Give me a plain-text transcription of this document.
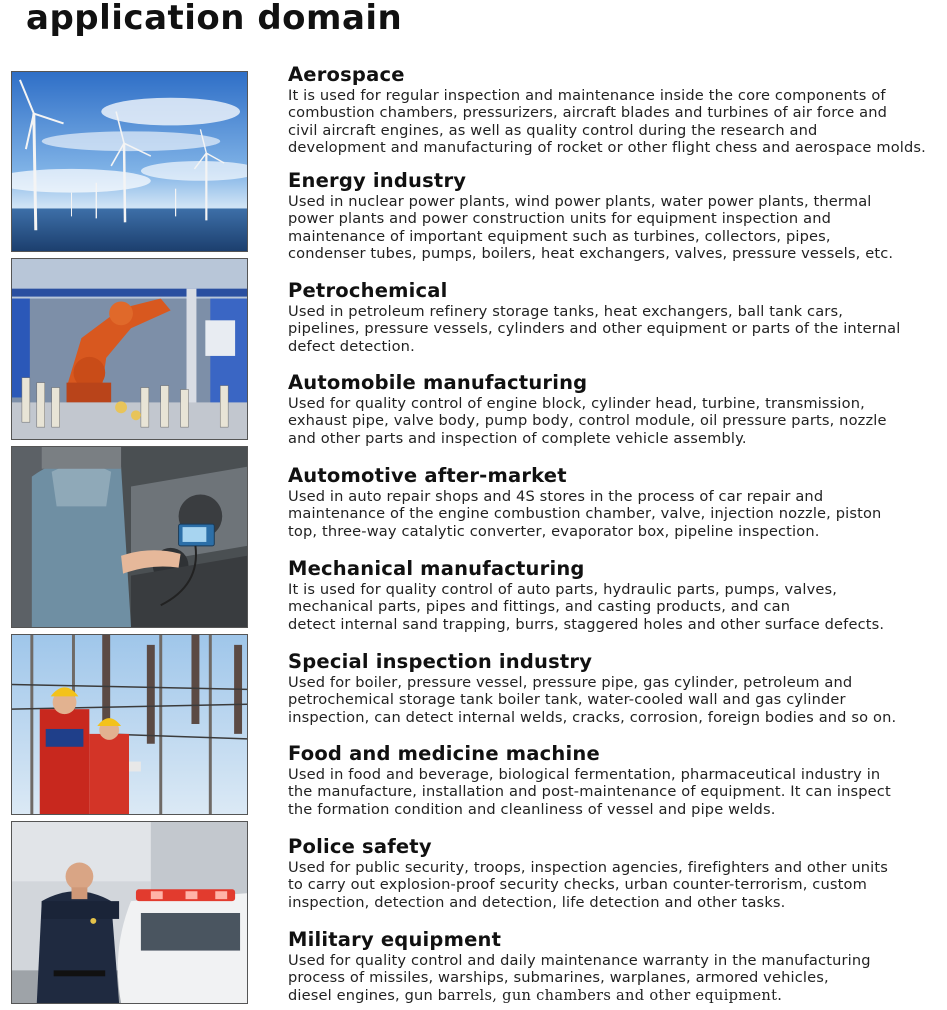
application domain
Aerospace

It is used for regular inspection and maintenance inside the core components of
combustion chambers, pressurizers, aircraft blades and turbines of air force and
civil aircraft engines, as well as quality control during the research and
development and manufacturing of rocket or other flight chess and aerospace molds.

Energy industry

Used in nuclear power plants, wind power plants, water power plants, thermal
power plants and power construction units for equipment inspection and
maintenance of important equipment such as turbines, collectors, pipes,
condenser tubes, pumps, boilers, heat exchangers, valves, pressure vessels, etc.

Petrochemical

Used in petroleum refinery storage tanks, heat exchangers, ball tank cars,
pipelines, pressure vessels, cylinders and other equipment or parts of the internal
defect detection.

Automobile manufacturing

Used for quality control of engine block, cylinder head, turbine, transmission,
exhaust pipe, valve body, pump body, control module, oil pressure parts, nozzle
and other parts and inspection of complete vehicle assembly.

Automotive after-market

Used in auto repair shops and 4S stores in the process of car repair and
maintenance of the engine combustion chamber, valve, injection nozzle, piston
top, three-way catalytic converter, evaporator box, pipeline inspection.

Mechanical manufacturing

It is used for quality control of auto parts, hydraulic parts, pumps, valves,
mechanical parts, pipes and fittings, and casting products, and can
detect internal sand trapping, burrs, staggered holes and other surface defects.

Special inspection industry

Used for boiler, pressure vessel, pressure pipe, gas cylinder, petroleum and
petrochemical storage tank boiler tank, water-cooled wall and gas cylinder
inspection, can detect internal welds, cracks, corrosion, foreign bodies and so on.

Food and medicine machine

Used in food and beverage, biological fermentation, pharmaceutical industry in
the manufacture, installation and post-maintenance of equipment. It can inspect
the formation condition and cleanliness of vessel and pipe welds.

Police safety

Used for public security, troops, inspection agencies, firefighters and other units
to carry out explosion-proof security checks, urban counter-terrorism, custom
inspection, detection and detection, life detection and other tasks.

Military equipment

Used for quality control and daily maintenance warranty in the manufacturing
process of missiles, warships, submarines, warplanes, armored vehicles,
diesel engines, gun barrels, gun chambers and other equipment.
